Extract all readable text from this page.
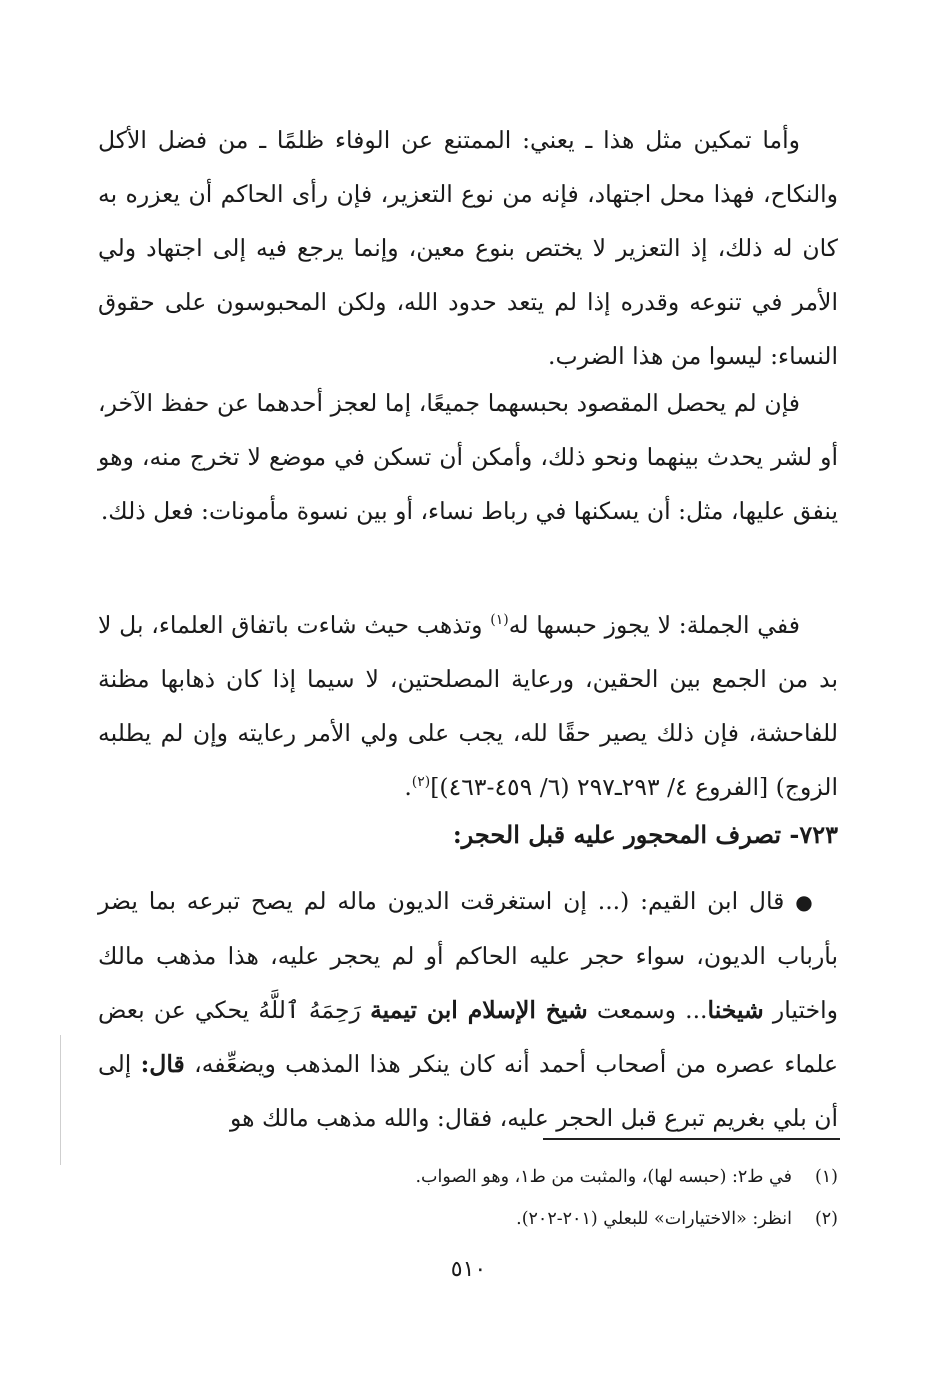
وأما تمكين مثل هذا ـ يعني: الممتنع عن الوفاء ظلمًا ـ من فضل الأكل والنكاح، فهذا محل اجتهاد، فإنه من نوع التعزير، فإن رأى الحاكم أن يعزره به كان له ذلك، إذ التعزير لا يختص بنوع معين، وإنما يرجع فيه إلى اجتهاد ولي الأمر في تنوعه وقدره إذا لم يتعد حدود الله، ولكن المحبوسون على حقوق النساء: ليسوا من هذا الضرب.

فإن لم يحصل المقصود بحبسهما جميعًا، إما لعجز أحدهما عن حفظ الآخر، أو لشر يحدث بينهما ونحو ذلك، وأمكن أن تسكن في موضع لا تخرج منه، وهو ينفق عليها، مثل: أن يسكنها في رباط نساء، أو بين نسوة مأمونات: فعل ذلك.

ففي الجملة: لا يجوز حبسها له$^{(١)}$ وتذهب حيث شاءت باتفاق العلماء، بل لا بد من الجمع بين الحقين، ورعاية المصلحتين، لا سيما إذا كان ذهابها مظنة للفاحشة، فإن ذلك يصير حقًا لله، يجب على ولي الأمر رعايته وإن لم يطلبه الزوج) [الفروع ٤/ ٢٩٣ـ٢٩٧ (٦/ ٤٥٩-٤٦٣)]$^{(٢)}$.

٧٢٣- تصرف المحجور عليه قبل الحجر:

● قال ابن القيم: (... إن استغرقت الديون ماله لم يصح تبرعه بما يضر بأرباب الديون، سواء حجر عليه الحاكم أو لم يحجر عليه، هذا مذهب مالك واختيار شيخنا... وسمعت شيخ الإسلام ابن تيمية رَحِمَهُ ٱللَّهُ يحكي عن بعض علماء عصره من أصحاب أحمد أنه كان ينكر هذا المذهب ويضعِّفه، قال: إلى أن بلي بغريم تبرع قبل الحجر عليه، فقال: والله مذهب مالك هو

(١)في ط٢: (حبسه لها)، والمثبت من ط١، وهو الصواب.

(٢)انظر: «الاختيارات» للبعلي (٢٠١-٢٠٢).

٥١٠
